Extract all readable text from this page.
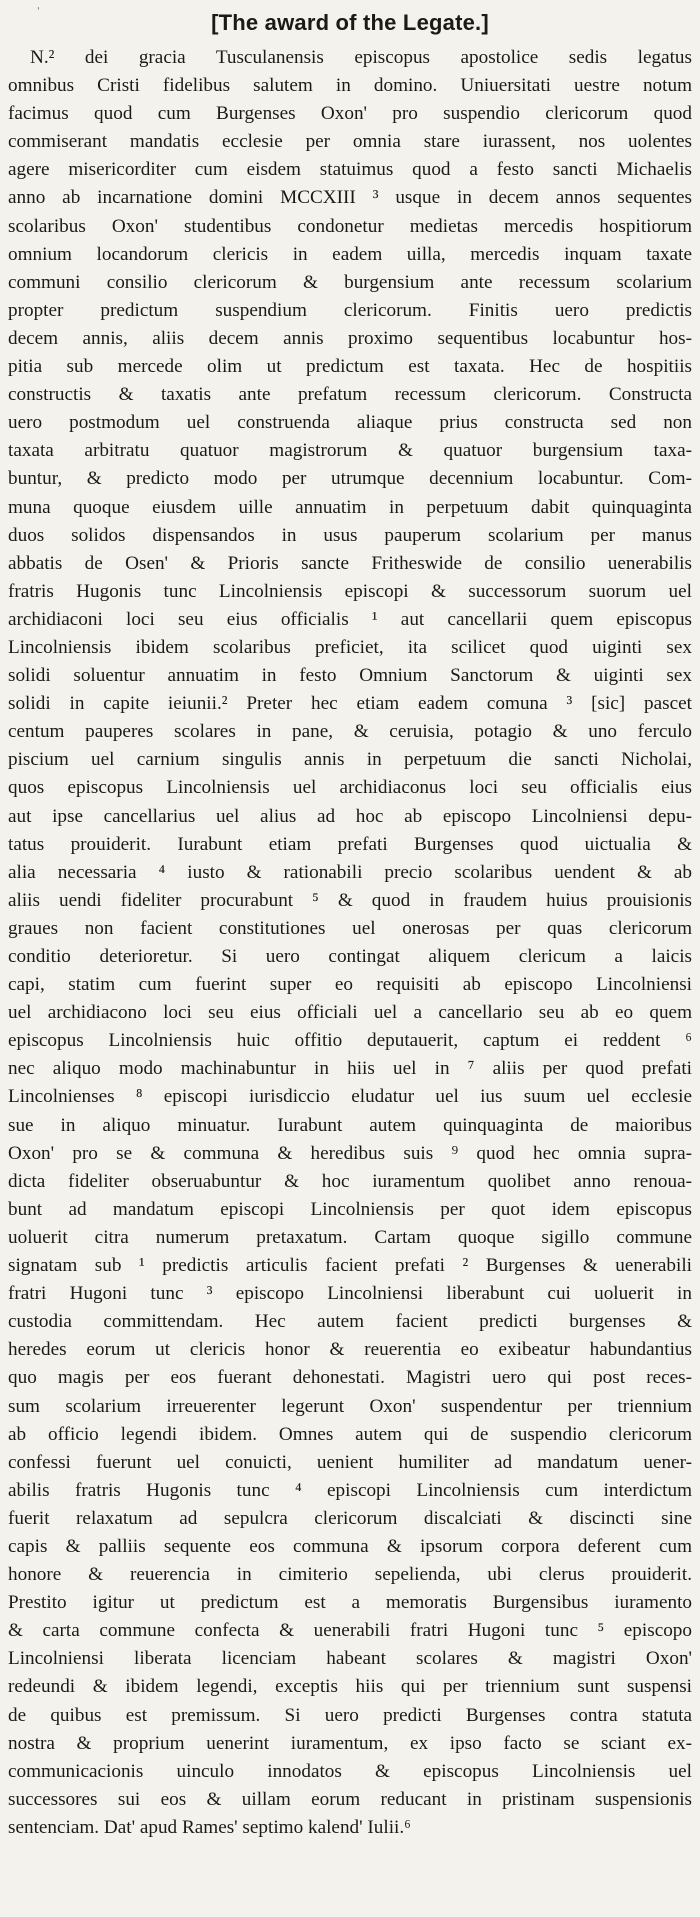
'	[The award of the Legate.]
N.² dei gracia Tusculanensis episcopus apostolice sedis legatus
omnibus Cristi fidelibus salutem in domino. Uniuersitati uestre notum
facimus quod cum Burgenses Oxon' pro suspendio clericorum quod
commiserant mandatis ecclesie per omnia stare iurassent, nos uolentes
agere misericorditer cum eisdem statuimus quod a festo sancti Michaelis
anno ab incarnatione domini MCCXIII ³ usque in decem annos sequentes
scolaribus Oxon' studentibus condonetur medietas mercedis hospitiorum
omnium locandorum clericis in eadem uilla, mercedis inquam taxate
communi consilio clericorum & burgensium ante recessum scolarium
propter predictum suspendium clericorum. Finitis uero predictis
decem annis, aliis decem annis proximo sequentibus locabuntur hos-
pitia sub mercede olim ut predictum est taxata. Hec de hospitiis
constructis & taxatis ante prefatum recessum clericorum. Constructa
uero postmodum uel construenda aliaque prius constructa sed non
taxata arbitratu quatuor magistrorum & quatuor burgensium taxa-
buntur, & predicto modo per utrumque decennium locabuntur. Com-
muna quoque eiusdem uille annuatim in perpetuum dabit quinquaginta
duos solidos dispensandos in usus pauperum scolarium per manus
abbatis de Osen' & Prioris sancte Fritheswide de consilio uenerabilis
fratris Hugonis tunc Lincolniensis episcopi & successorum suorum uel
archidiaconi loci seu eius officialis ¹ aut cancellarii quem episcopus
Lincolniensis ibidem scolaribus preficiet, ita scilicet quod uiginti sex
solidi soluentur annuatim in festo Omnium Sanctorum & uiginti sex
solidi in capite ieiunii.² Preter hec etiam eadem comuna ³ [sic] pascet
centum pauperes scolares in pane, & ceruisia, potagio & uno ferculo
piscium uel carnium singulis annis in perpetuum die sancti Nicholai,
quos episcopus Lincolniensis uel archidiaconus loci seu officialis eius
aut ipse cancellarius uel alius ad hoc ab episcopo Lincolniensi depu-
tatus prouiderit. Iurabunt etiam prefati Burgenses quod uictualia &
alia necessaria ⁴ iusto & rationabili precio scolaribus uendent & ab
aliis uendi fideliter procurabunt ⁵ & quod in fraudem huius prouisionis
graues non facient constitutiones uel onerosas per quas clericorum
conditio deterioretur. Si uero contingat aliquem clericum a laicis
capi, statim cum fuerint super eo requisiti ab episcopo Lincolniensi
uel archidiacono loci seu eius officiali uel a cancellario seu ab eo quem
episcopus Lincolniensis huic offitio deputauerit, captum ei reddent ⁶
nec aliquo modo machinabuntur in hiis uel in ⁷ aliis per quod prefati
Lincolnienses ⁸ episcopi iurisdiccio eludatur uel ius suum uel ecclesie
sue in aliquo minuatur. Iurabunt autem quinquaginta de maioribus
Oxon' pro se & communa & heredibus suis ⁹ quod hec omnia supra-
dicta fideliter obseruabuntur & hoc iuramentum quolibet anno renoua-
bunt ad mandatum episcopi Lincolniensis per quot idem episcopus
uoluerit citra numerum pretaxatum. Cartam quoque sigillo commune
signatam sub ¹ predictis articulis facient prefati ² Burgenses & uenerabili
fratri Hugoni tunc ³ episcopo Lincolniensi liberabunt cui uoluerit in
custodia committendam. Hec autem facient predicti burgenses &
heredes eorum ut clericis honor & reuerentia eo exibeatur habundantius
quo magis per eos fuerant dehonestati. Magistri uero qui post reces-
sum scolarium irreuerenter legerunt Oxon' suspendentur per triennium
ab officio legendi ibidem. Omnes autem qui de suspendio clericorum
confessi fuerunt uel conuicti, uenient humiliter ad mandatum uener-
abilis fratris Hugonis tunc ⁴ episcopi Lincolniensis cum interdictum
fuerit relaxatum ad sepulcra clericorum discalciati & discincti sine
capis & palliis sequente eos communa & ipsorum corpora deferent cum
honore & reuerencia in cimiterio sepelienda, ubi clerus prouiderit.
Prestito igitur ut predictum est a memoratis Burgensibus iuramento
& carta commune confecta & uenerabili fratri Hugoni tunc ⁵ episcopo
Lincolniensi liberata licenciam habeant scolares & magistri Oxon'
redeundi & ibidem legendi, exceptis hiis qui per triennium sunt suspensi
de quibus est premissum. Si uero predicti Burgenses contra statuta
nostra & proprium uenerint iuramentum, ex ipso facto se sciant ex-
communicacionis uinculo innodatos & episcopus Lincolniensis uel
successores sui eos & uillam eorum reducant in pristinam suspensionis
sentenciam. Dat' apud Rames' septimo kalend' Iulii.⁶
